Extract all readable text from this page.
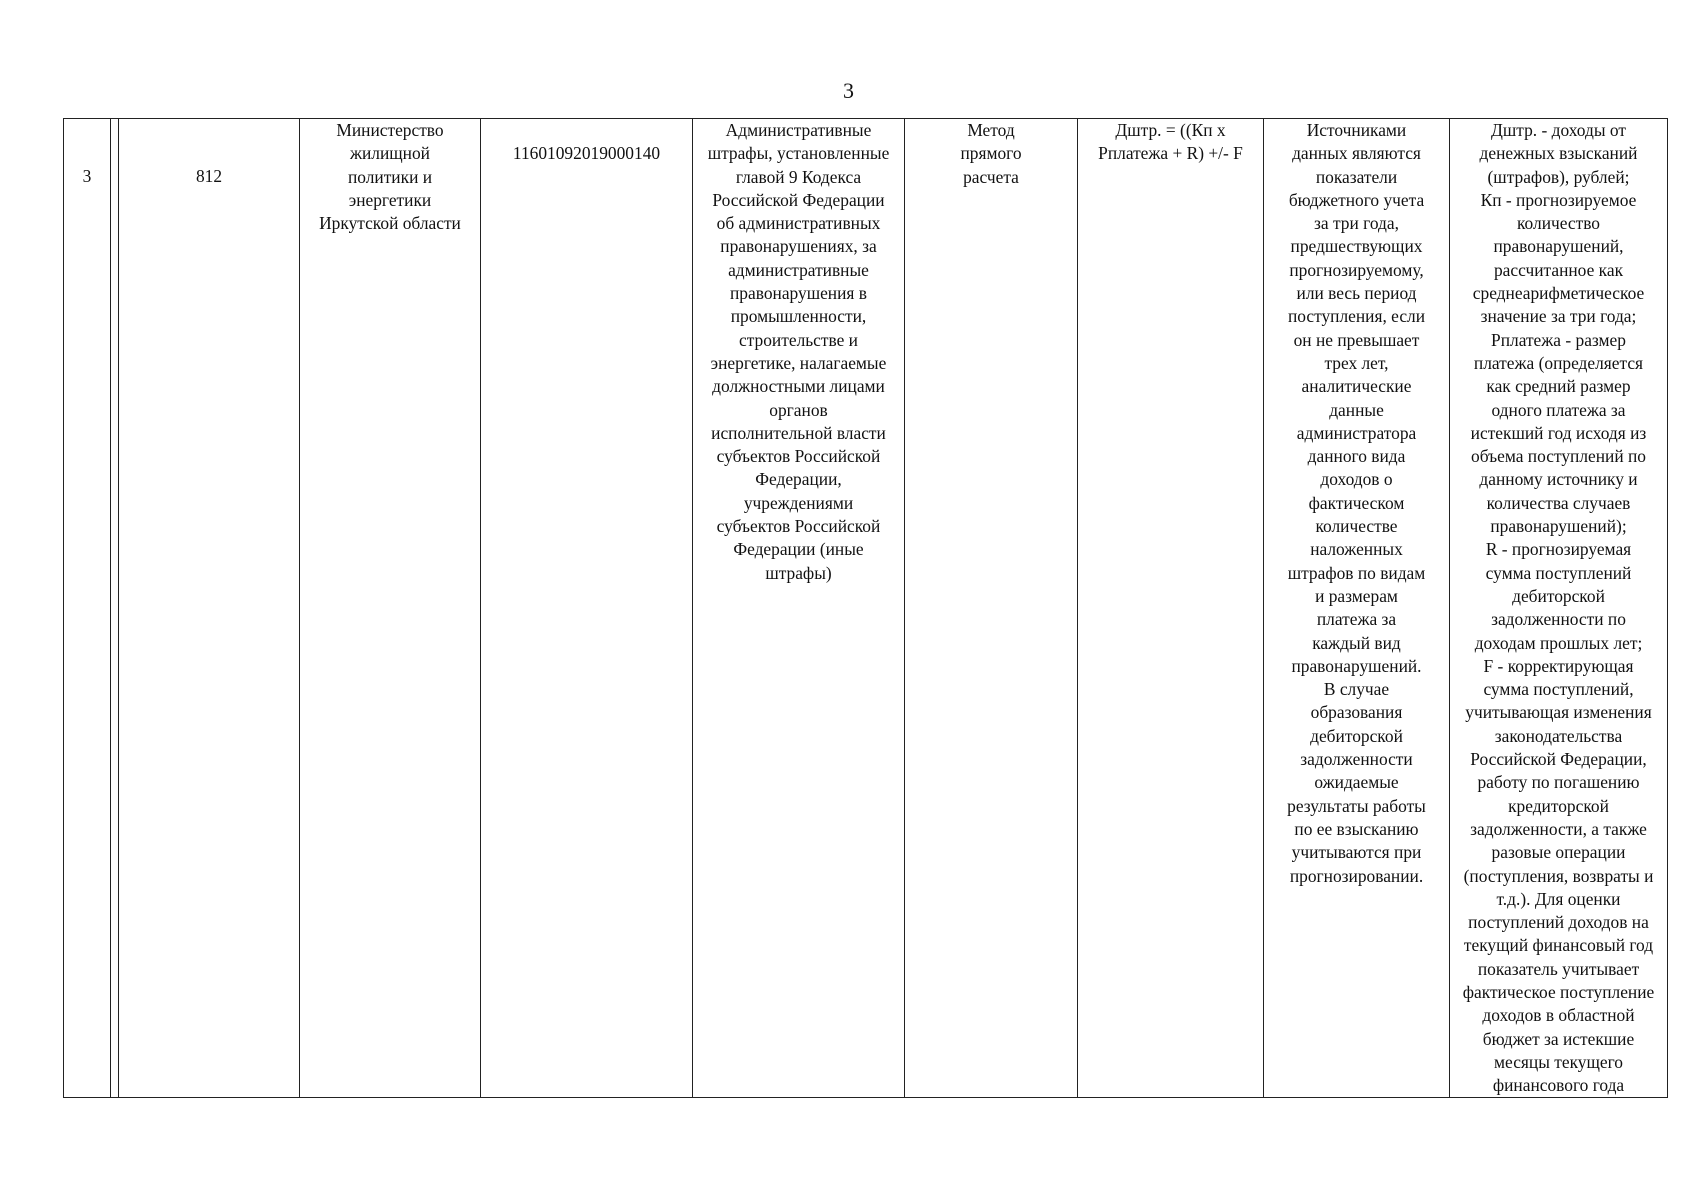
3
3		812

Министерство
жилищной
политики и
энергетики
Иркутской области

11601092019000140

Административные
штрафы, установленные
главой 9 Кодекса
Российской Федерации
об административных
правонарушениях, за
административные
правонарушения в
промышленности,
строительстве и
энергетике, налагаемые
должностными лицами
органов
исполнительной власти
субъектов Российской
Федерации,
учреждениями
субъектов Российской
Федерации (иные
штрафы)

Метод
прямого
расчета

Дштр. = ((Кп х
Рплатежа + R) +/- F

Источниками
данных являются
показатели
бюджетного учета
за три года,
предшествующих
прогнозируемому,
или весь период
поступления, если
он не превышает
трех лет,
аналитические
данные
администратора
данного вида
доходов о
фактическом
количестве
наложенных
штрафов по видам
и размерам
платежа за
каждый вид
правонарушений.
В случае
образования
дебиторской
задолженности
ожидаемые
результаты работы
по ее взысканию
учитываются при
прогнозировании.

Дштр. - доходы от
денежных взысканий
(штрафов), рублей;
Кп - прогнозируемое
количество
правонарушений,
рассчитанное как
среднеарифметическое
значение за три года;
Рплатежа - размер
платежа (определяется
как средний размер
одного платежа за
истекший год исходя из
объема поступлений по
данному источнику и
количества случаев
правонарушений);
R - прогнозируемая
сумма поступлений
дебиторской
задолженности по
доходам прошлых лет;
F - корректирующая
сумма поступлений,
учитывающая изменения
законодательства
Российской Федерации,
работу по погашению
кредиторской
задолженности, а также
разовые операции
(поступления, возвраты и
т.д.). Для оценки
поступлений доходов на
текущий финансовый год
показатель учитывает
фактическое поступление
доходов в областной
бюджет за истекшие
месяцы текущего
финансового года
